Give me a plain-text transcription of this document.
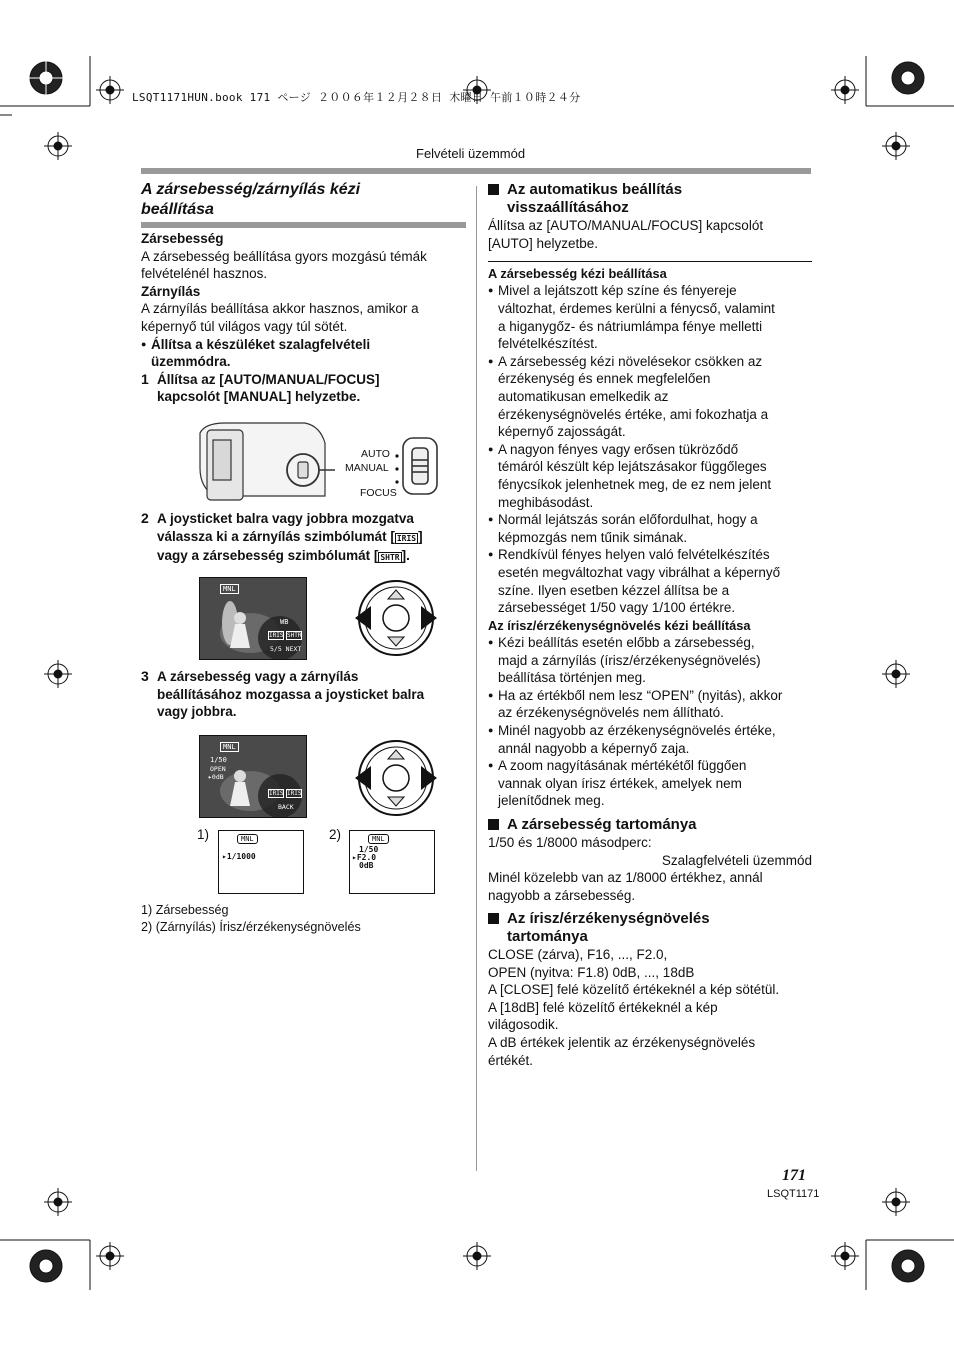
LSQT1171HUN.book 171 ページ ２００６年１２月２８日 木曜日 午前１０時２４分
Felvételi üzemmód
A zársebesség/zárnyílás kézi
beállítása
Zársebesség
A zársebesség beállítása gyors mozgású témák
felvételénél hasznos.
Zárnyílás
A zárnyílás beállítása akkor hasznos, amikor a
képernyő túl világos vagy túl sötét.
● Állítsa a készüléket szalagfelvételi
üzemmódra.
1 Állítsa az [AUTO/MANUAL/FOCUS]
kapcsolót [MANUAL] helyzetbe.
AUTO
MANUAL
FOCUS
2 A joysticket balra vagy jobbra mozgatva
válassza ki a zárnyílás szimbólumát [ IRIS ]
vagy a zársebesség szimbólumát [ SHTR ].
MNL
WB
IRIS SHTR
5/5 NEXT
3 A zársebesség vagy a zárnyílás
beállításához mozgassa a joysticket balra
vagy jobbra.
MNL
1/50
OPEN
▸0dB
IRIS IRIS
BACK
1)	MNL
▸1/1000
2)	MNL
1/50
▸F2.0
0dB
1) Zársebesség
2) (Zárnyílás) Írisz/érzékenységnövelés
Az automatikus beállítás
visszaállításához
Állítsa az [AUTO/MANUAL/FOCUS] kapcsolót
[AUTO] helyzetbe.
A zársebesség kézi beállítása
● Mivel a lejátszott kép színe és fényereje
változhat, érdemes kerülni a fénycső, valamint
a higanygőz- és nátriumlámpa fénye melletti
felvételkészítést.
● A zársebesség kézi növelésekor csökken az
érzékenység és ennek megfelelően
automatikusan emelkedik az
érzékenységnövelés értéke, ami fokozhatja a
képernyő zajosságát.
● A nagyon fényes vagy erősen tükröződő
témáról készült kép lejátszásakor függőleges
fénycsíkok jelenhetnek meg, de ez nem jelent
meghibásodást.
● Normál lejátszás során előfordulhat, hogy a
képmozgás nem tűnik simának.
● Rendkívül fényes helyen való felvételkészítés
esetén megváltozhat vagy vibrálhat a képernyő
színe. Ilyen esetben kézzel állítsa be a
zársebességet 1/50 vagy 1/100 értékre.
Az írisz/érzékenységnövelés kézi beállítása
● Kézi beállítás esetén előbb a zársebesség,
majd a zárnyílás (írisz/érzékenységnövelés)
beállítása történjen meg.
● Ha az értékből nem lesz “OPEN” (nyitás), akkor
az érzékenységnövelés nem állítható.
● Minél nagyobb az érzékenységnövelés értéke,
annál nagyobb a képernyő zaja.
● A zoom nagyításának mértékétől függően
vannak olyan írisz értékek, amelyek nem
jelenítődnek meg.
A zársebesség tartománya
1/50 és 1/8000 másodperc:
Szalagfelvételi üzemmód
Minél közelebb van az 1/8000 értékhez, annál
nagyobb a zársebesség.
Az írisz/érzékenységnövelés
tartománya
CLOSE (zárva), F16, ..., F2.0,
OPEN (nyitva: F1.8) 0dB, ..., 18dB
A [CLOSE] felé közelítő értékeknél a kép sötétül.
A [18dB] felé közelítő értékeknél a kép
világosodik.
A dB értékek jelentik az érzékenységnövelés
értékét.
171
LSQT1171
